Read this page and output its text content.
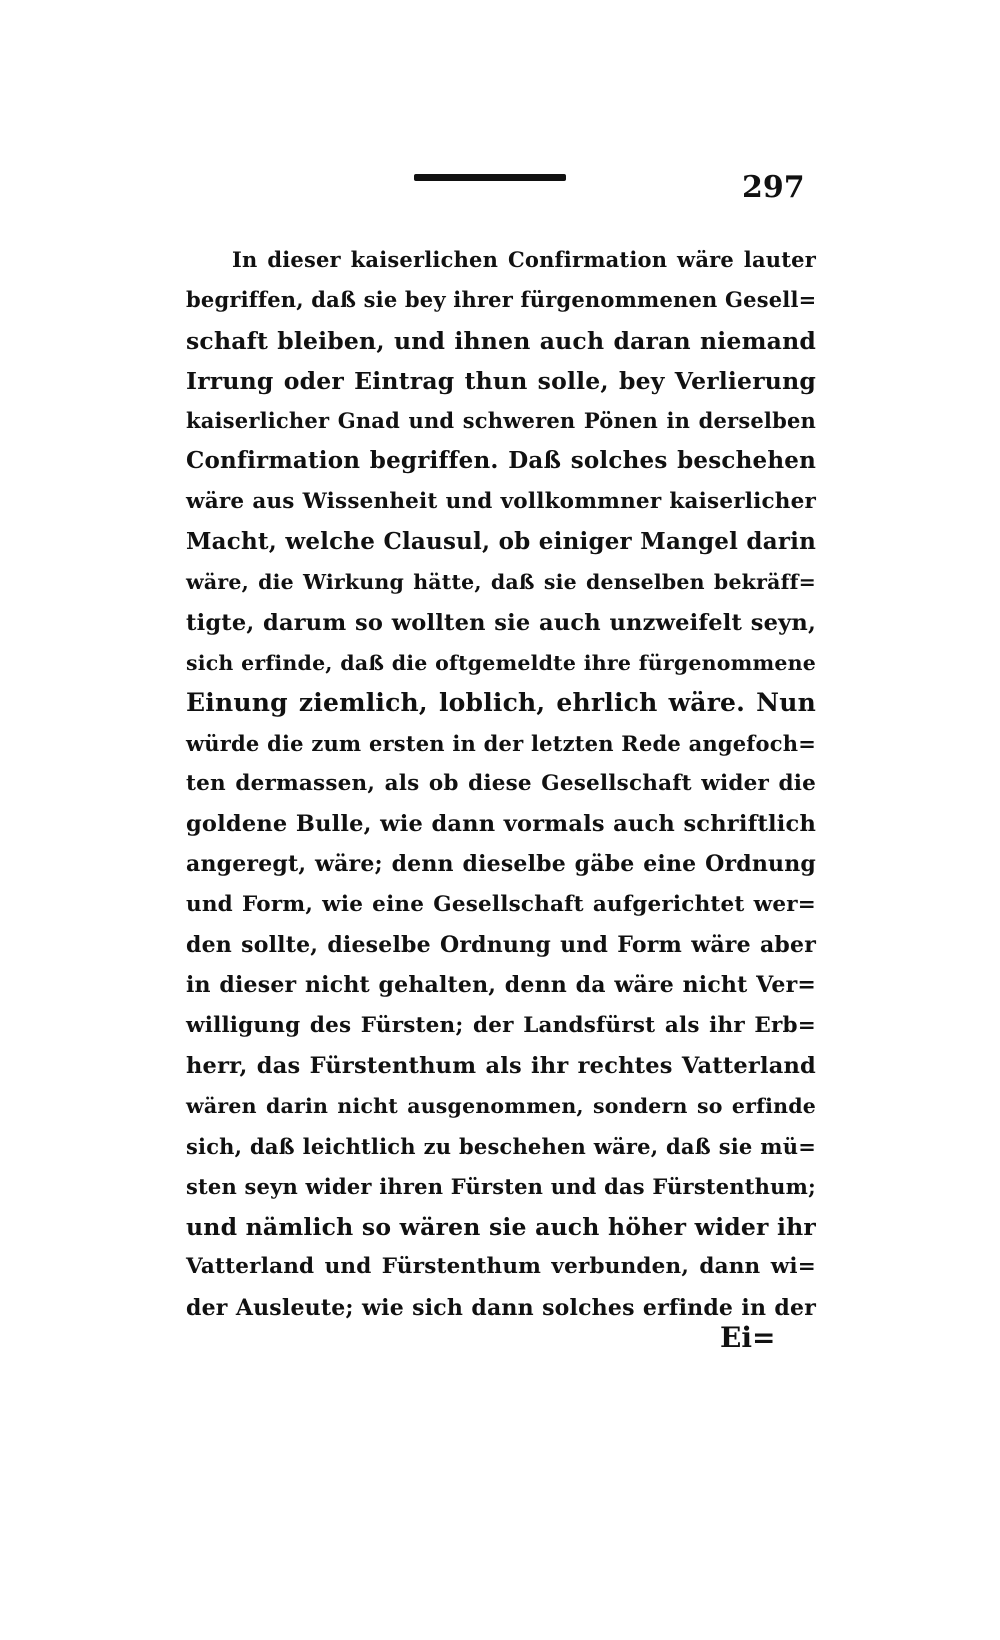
297
In dieser kaiserlichen Confirmation wäre lauter
begriffen, daß sie bey ihrer fürgenommenen Gesell=
schaft bleiben, und ihnen auch daran niemand
Irrung oder Eintrag thun solle, bey Verlierung
kaiserlicher Gnad und schweren Pönen in derselben
Confirmation begriffen. Daß solches beschehen
wäre aus Wissenheit und vollkommner kaiserlicher
Macht, welche Clausul, ob einiger Mangel darin
wäre, die Wirkung hätte, daß sie denselben bekräff=
tigte, darum so wollten sie auch unzweifelt seyn,
sich erfinde, daß die oftgemeldte ihre fürgenommene
Einung ziemlich, loblich, ehrlich wäre. Nun
würde die zum ersten in der letzten Rede angefoch=
ten dermassen, als ob diese Gesellschaft wider die
goldene Bulle, wie dann vormals auch schriftlich
angeregt, wäre; denn dieselbe gäbe eine Ordnung
und Form, wie eine Gesellschaft aufgerichtet wer=
den sollte, dieselbe Ordnung und Form wäre aber
in dieser nicht gehalten, denn da wäre nicht Ver=
willigung des Fürsten; der Landsfürst als ihr Erb=
herr, das Fürstenthum als ihr rechtes Vatterland
wären darin nicht ausgenommen, sondern so erfinde
sich, daß leichtlich zu beschehen wäre, daß sie mü=
sten seyn wider ihren Fürsten und das Fürstenthum;
und nämlich so wären sie auch höher wider ihr
Vatterland und Fürstenthum verbunden, dann wi=
der Ausleute; wie sich dann solches erfinde in der
Ei=
